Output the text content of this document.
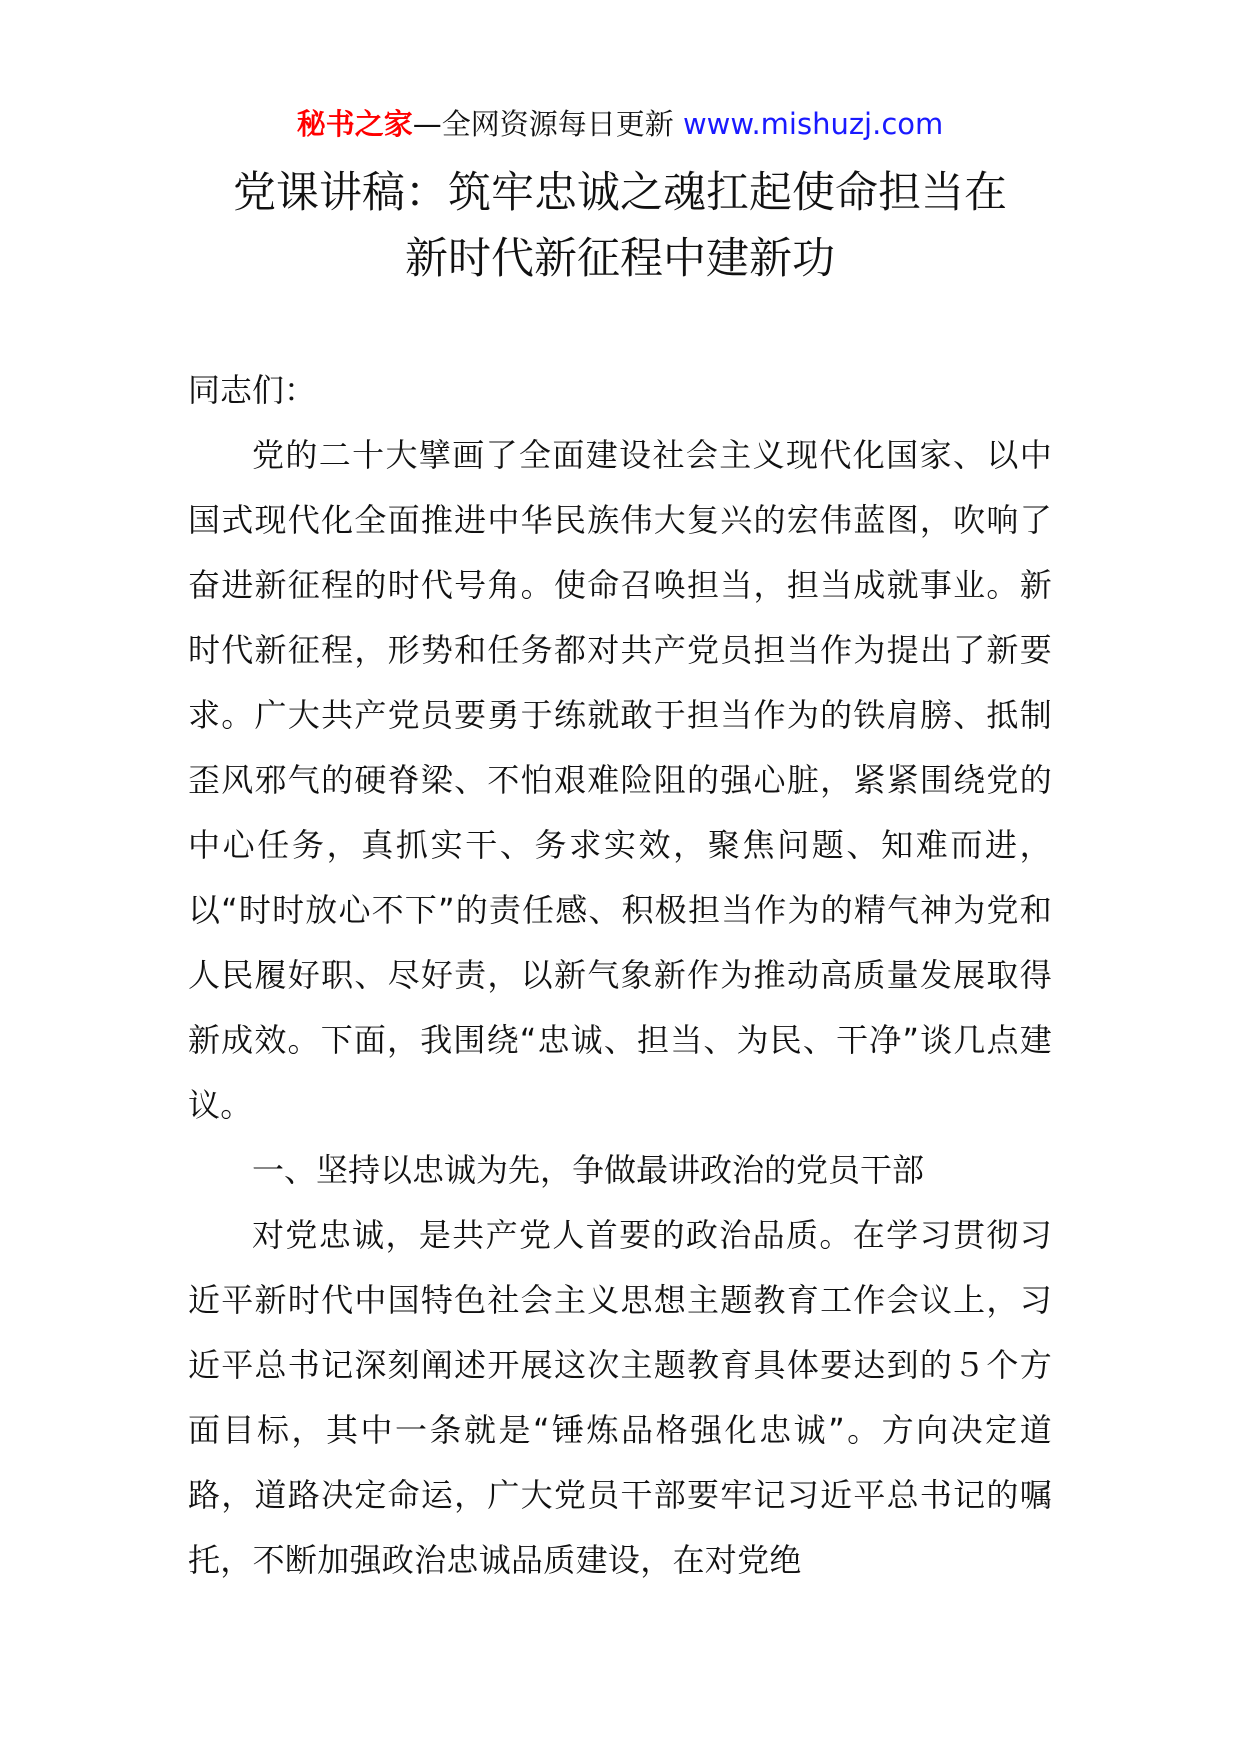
秘书之家—全网资源每日更新 www.mishuzj.com
党课讲稿：筑牢忠诚之魂扛起使命担当在
新时代新征程中建新功

同志们：

党的二十大擘画了全面建设社会主义现代化国家、以中国式现代化全面推进中华民族伟大复兴的宏伟蓝图，吹响了奋进新征程的时代号角。使命召唤担当，担当成就事业。新时代新征程，形势和任务都对共产党员担当作为提出了新要求。广大共产党员要勇于练就敢于担当作为的铁肩膀、抵制歪风邪气的硬脊梁、不怕艰难险阻的强心脏，紧紧围绕党的中心任务，真抓实干、务求实效，聚焦问题、知难而进，以“时时放心不下”的责任感、积极担当作为的精气神为党和人民履好职、尽好责，以新气象新作为推动高质量发展取得新成效。下面，我围绕“忠诚、担当、为民、干净”谈几点建议。

一、坚持以忠诚为先，争做最讲政治的党员干部

对党忠诚，是共产党人首要的政治品质。在学习贯彻习近平新时代中国特色社会主义思想主题教育工作会议上，习近平总书记深刻阐述开展这次主题教育具体要达到的５个方面目标，其中一条就是“锤炼品格强化忠诚”。方向决定道路，道路决定命运，广大党员干部要牢记习近平总书记的嘱托，不断加强政治忠诚品质建设，在对党绝
